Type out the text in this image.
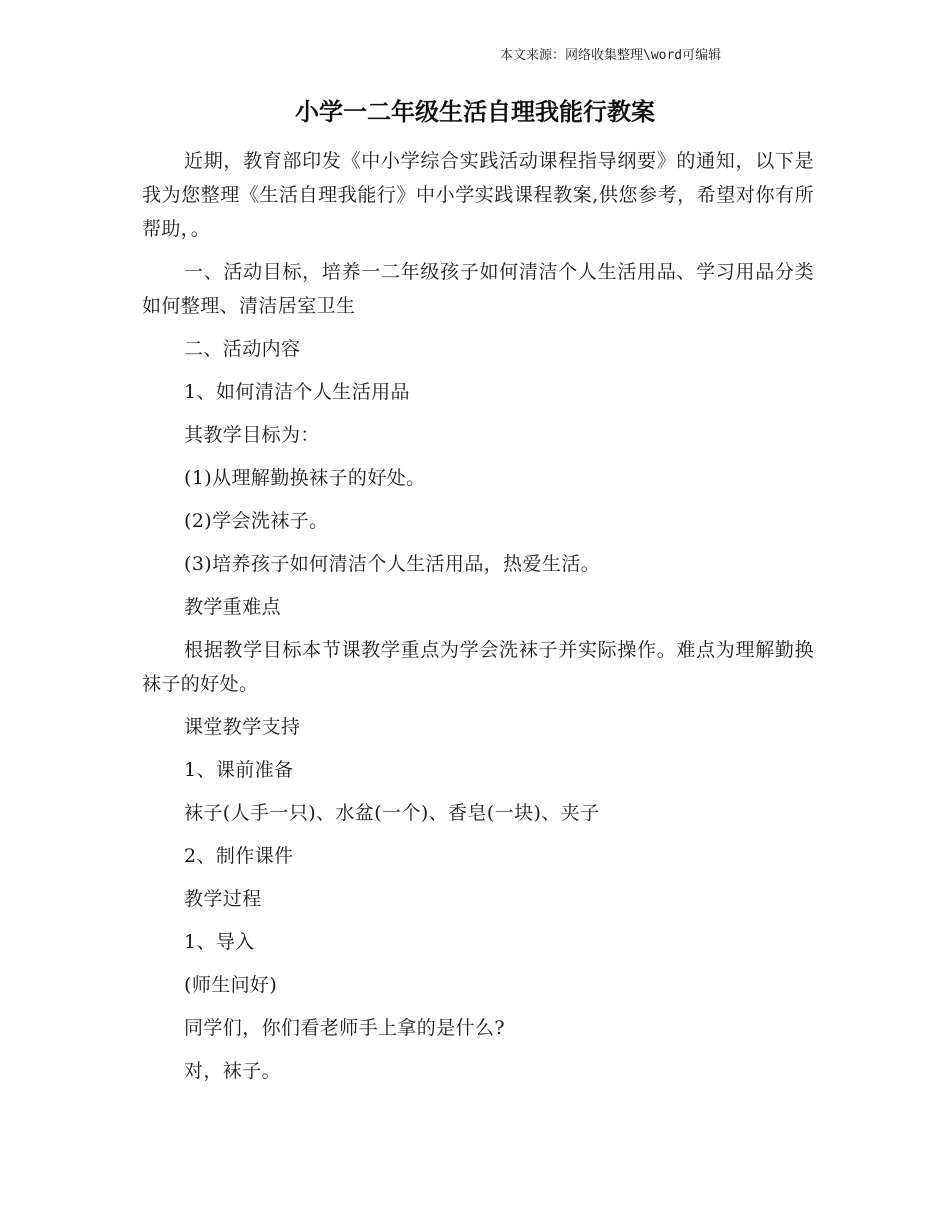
本文来源：网络收集整理\word可编辑
小学一二年级生活自理我能行教案

近期，教育部印发《中小学综合实践活动课程指导纲要》的通知，以下是我为您整理《生活自理我能行》中小学实践课程教案,供您参考，希望对你有所帮助，。

一、活动目标，培养一二年级孩子如何清洁个人生活用品、学习用品分类如何整理、清洁居室卫生

二、活动内容

1、如何清洁个人生活用品

其教学目标为：

(1)从理解勤换袜子的好处。

(2)学会洗袜子。

(3)培养孩子如何清洁个人生活用品，热爱生活。

教学重难点

根据教学目标本节课教学重点为学会洗袜子并实际操作。难点为理解勤换袜子的好处。

课堂教学支持

1、课前准备

袜子(人手一只)、水盆(一个)、香皂(一块)、夹子

2、制作课件

教学过程

1、导入

(师生问好)

同学们，你们看老师手上拿的是什么?

对，袜子。
